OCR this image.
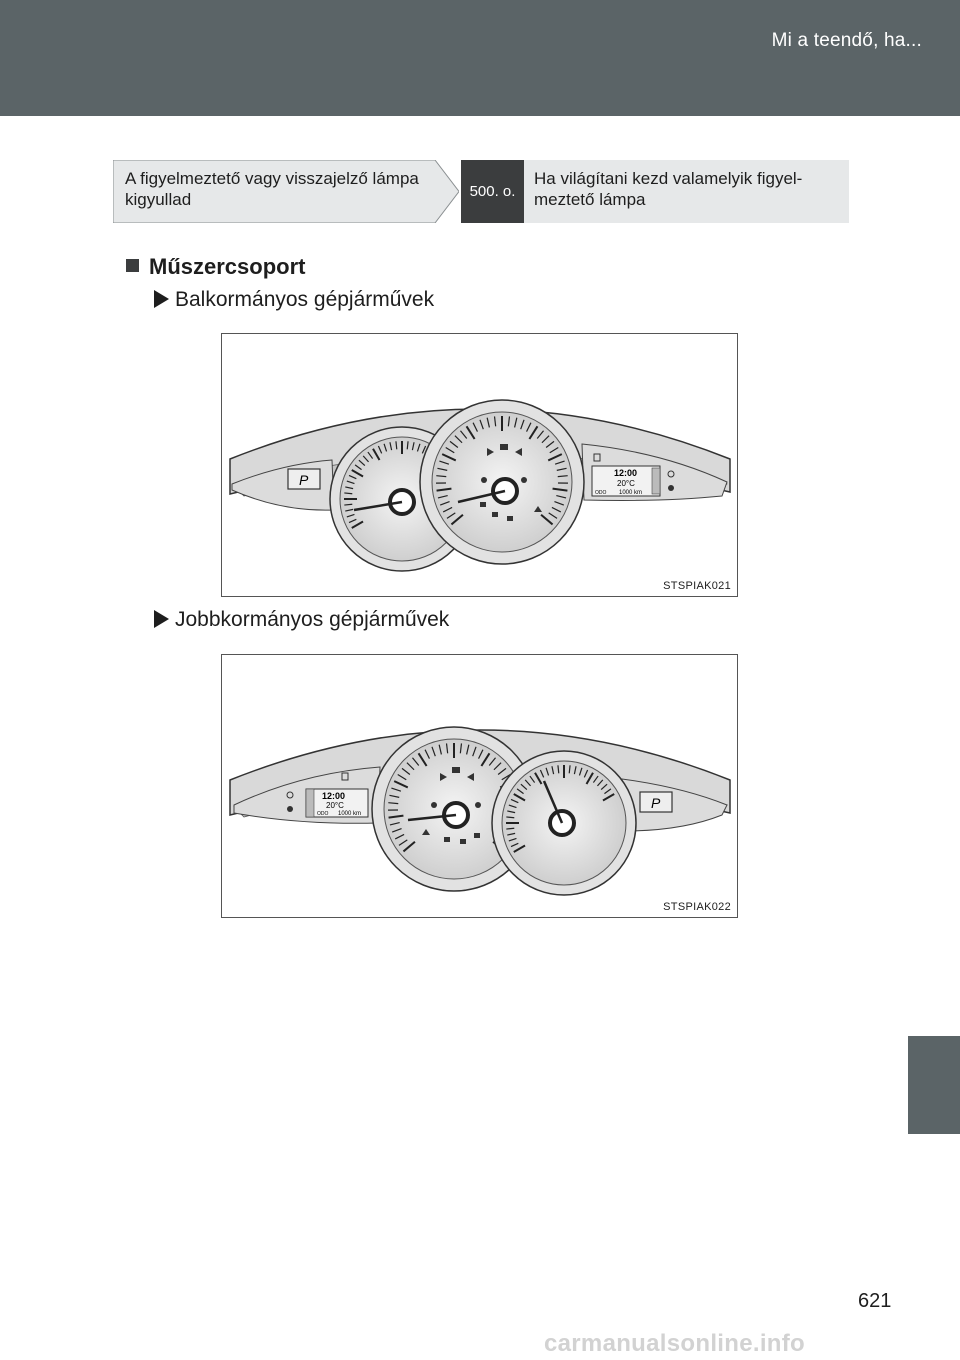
Mi a teendő, ha...
A figyelmeztető vagy visszajelző lámpa kigyullad	500. o.
Ha világítani kezd valamelyik figyel-meztető lámpa
Műszercsoport
Balkormányos gépjárművek
P	12:00
20°C
ODO 1000 km
STSPIAK021
Jobbkormányos gépjárművek
P
12:00
20°C
ODO 1000 km
STSPIAK022
621
carmanualsonline.info
